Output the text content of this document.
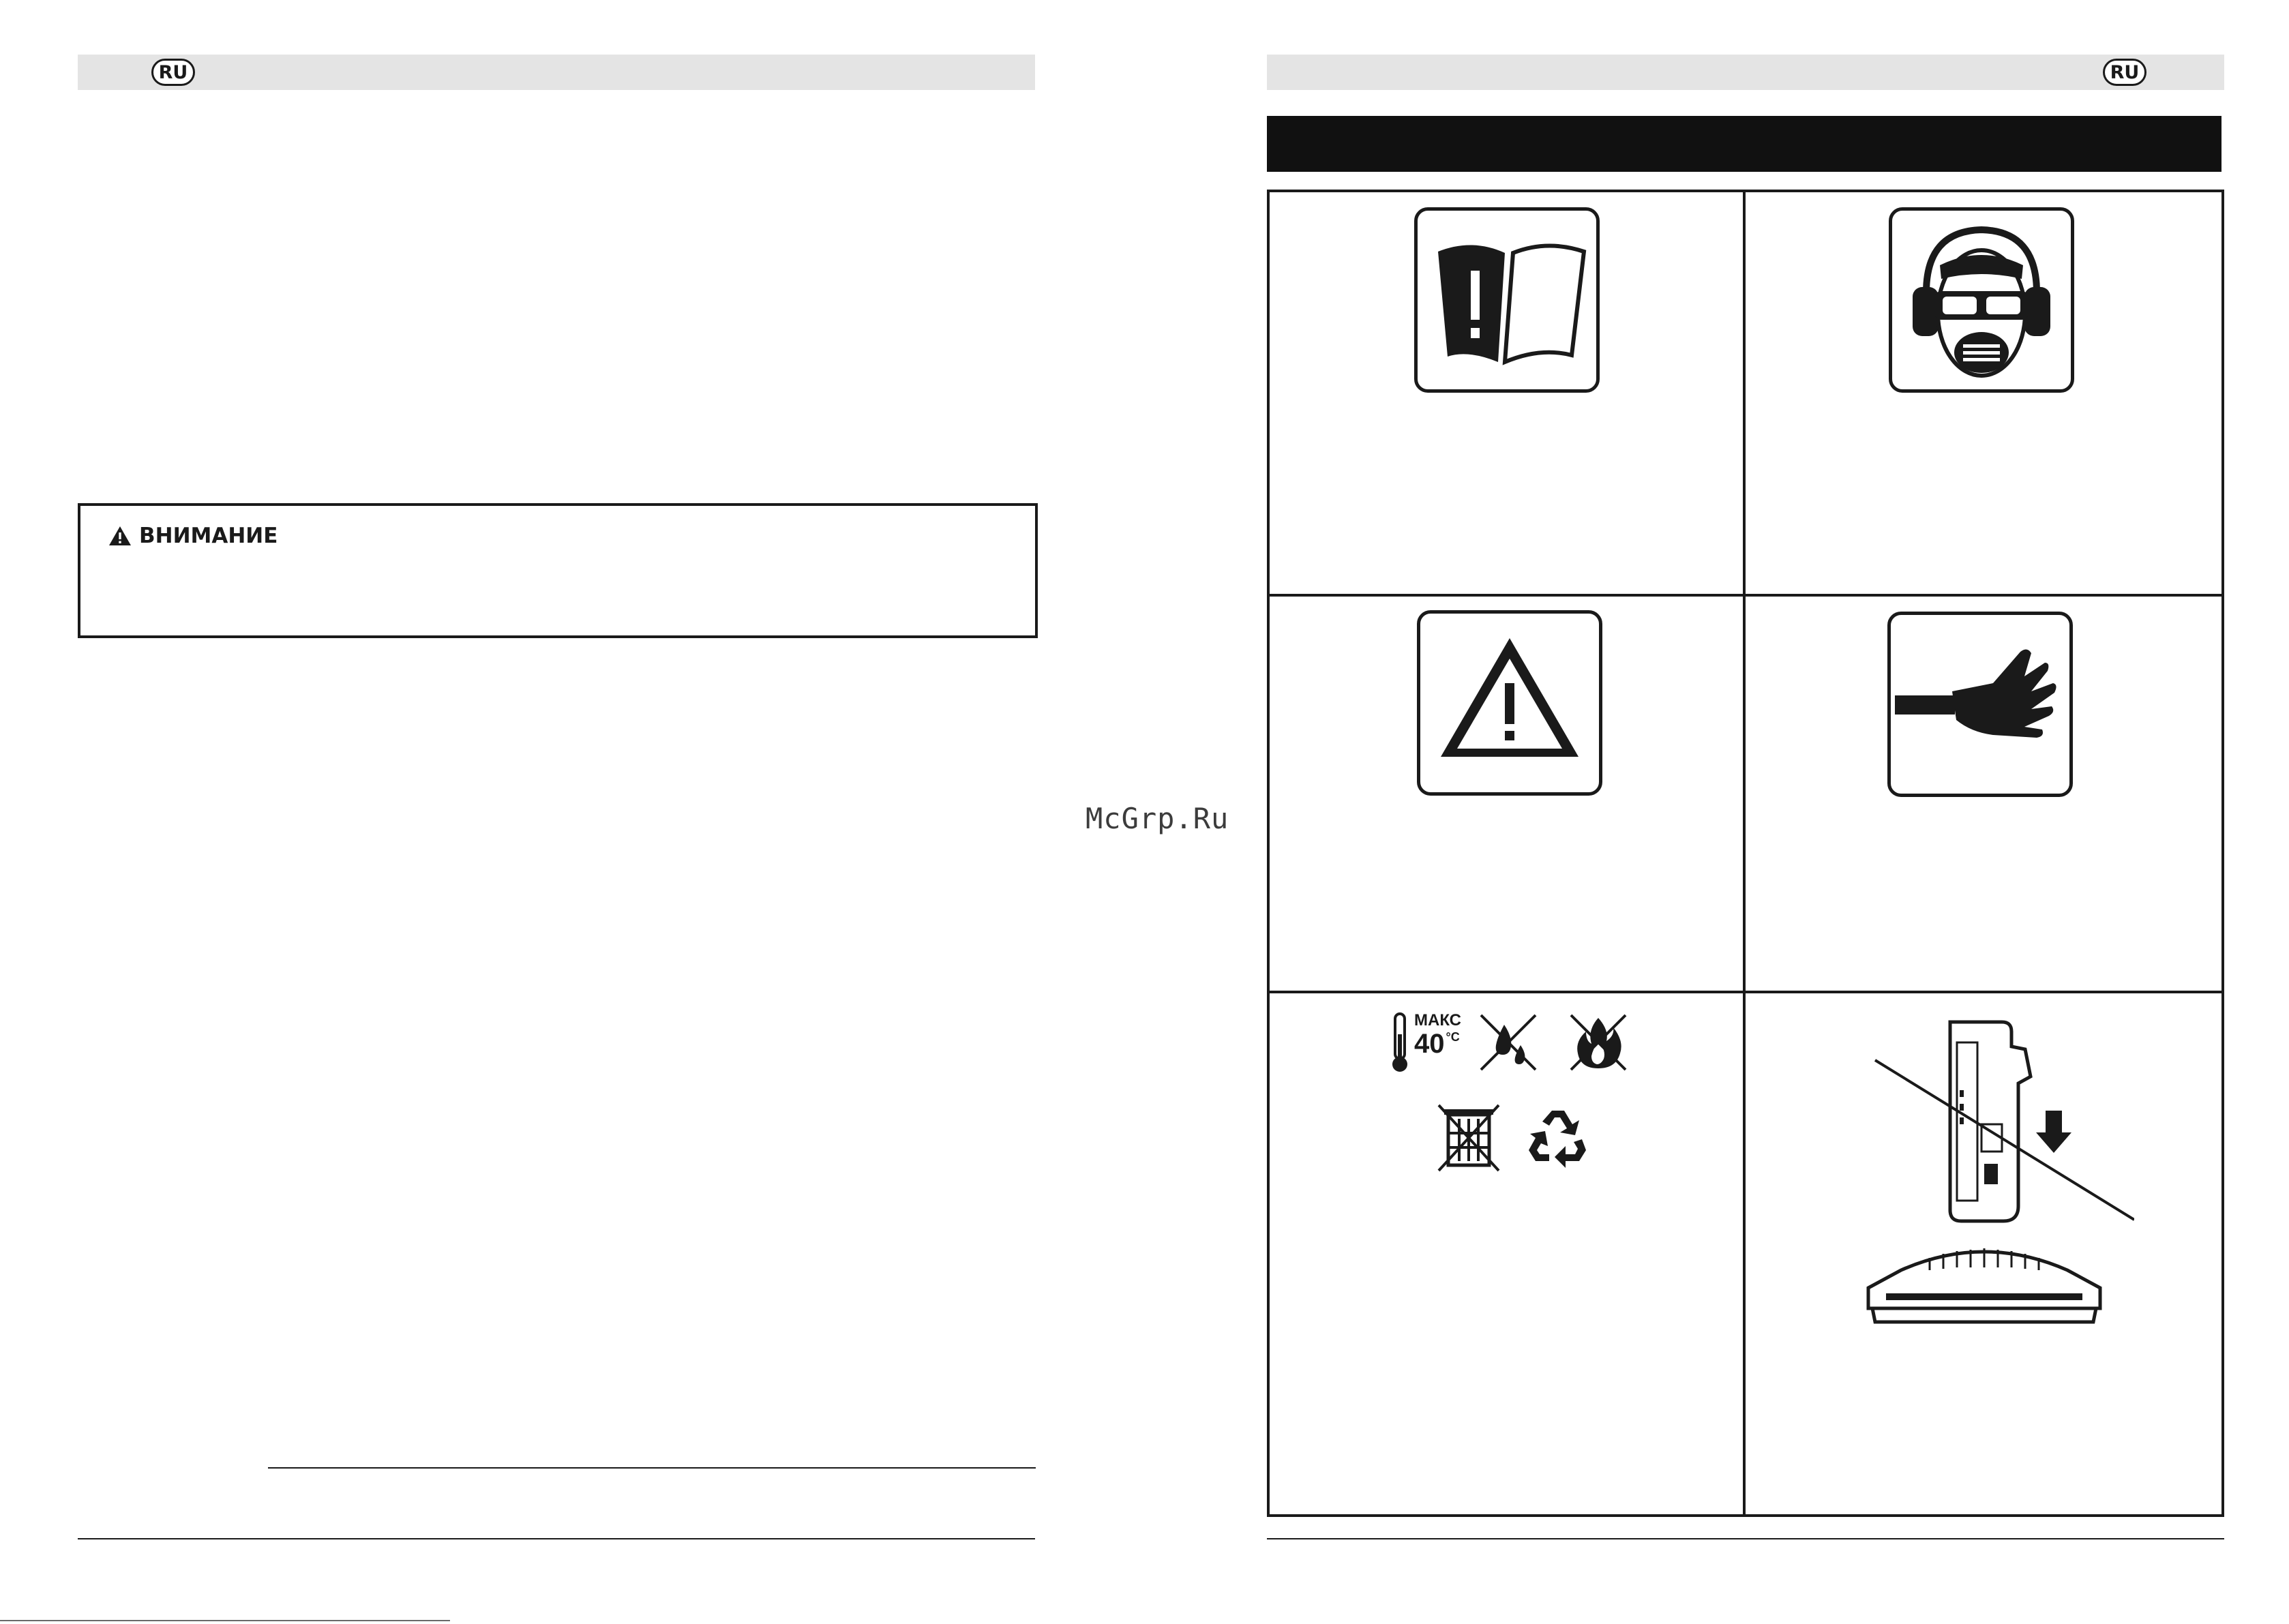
RU
ВНИМАНИЕ
McGrp.Ru
RU
МАКС
40 °C
